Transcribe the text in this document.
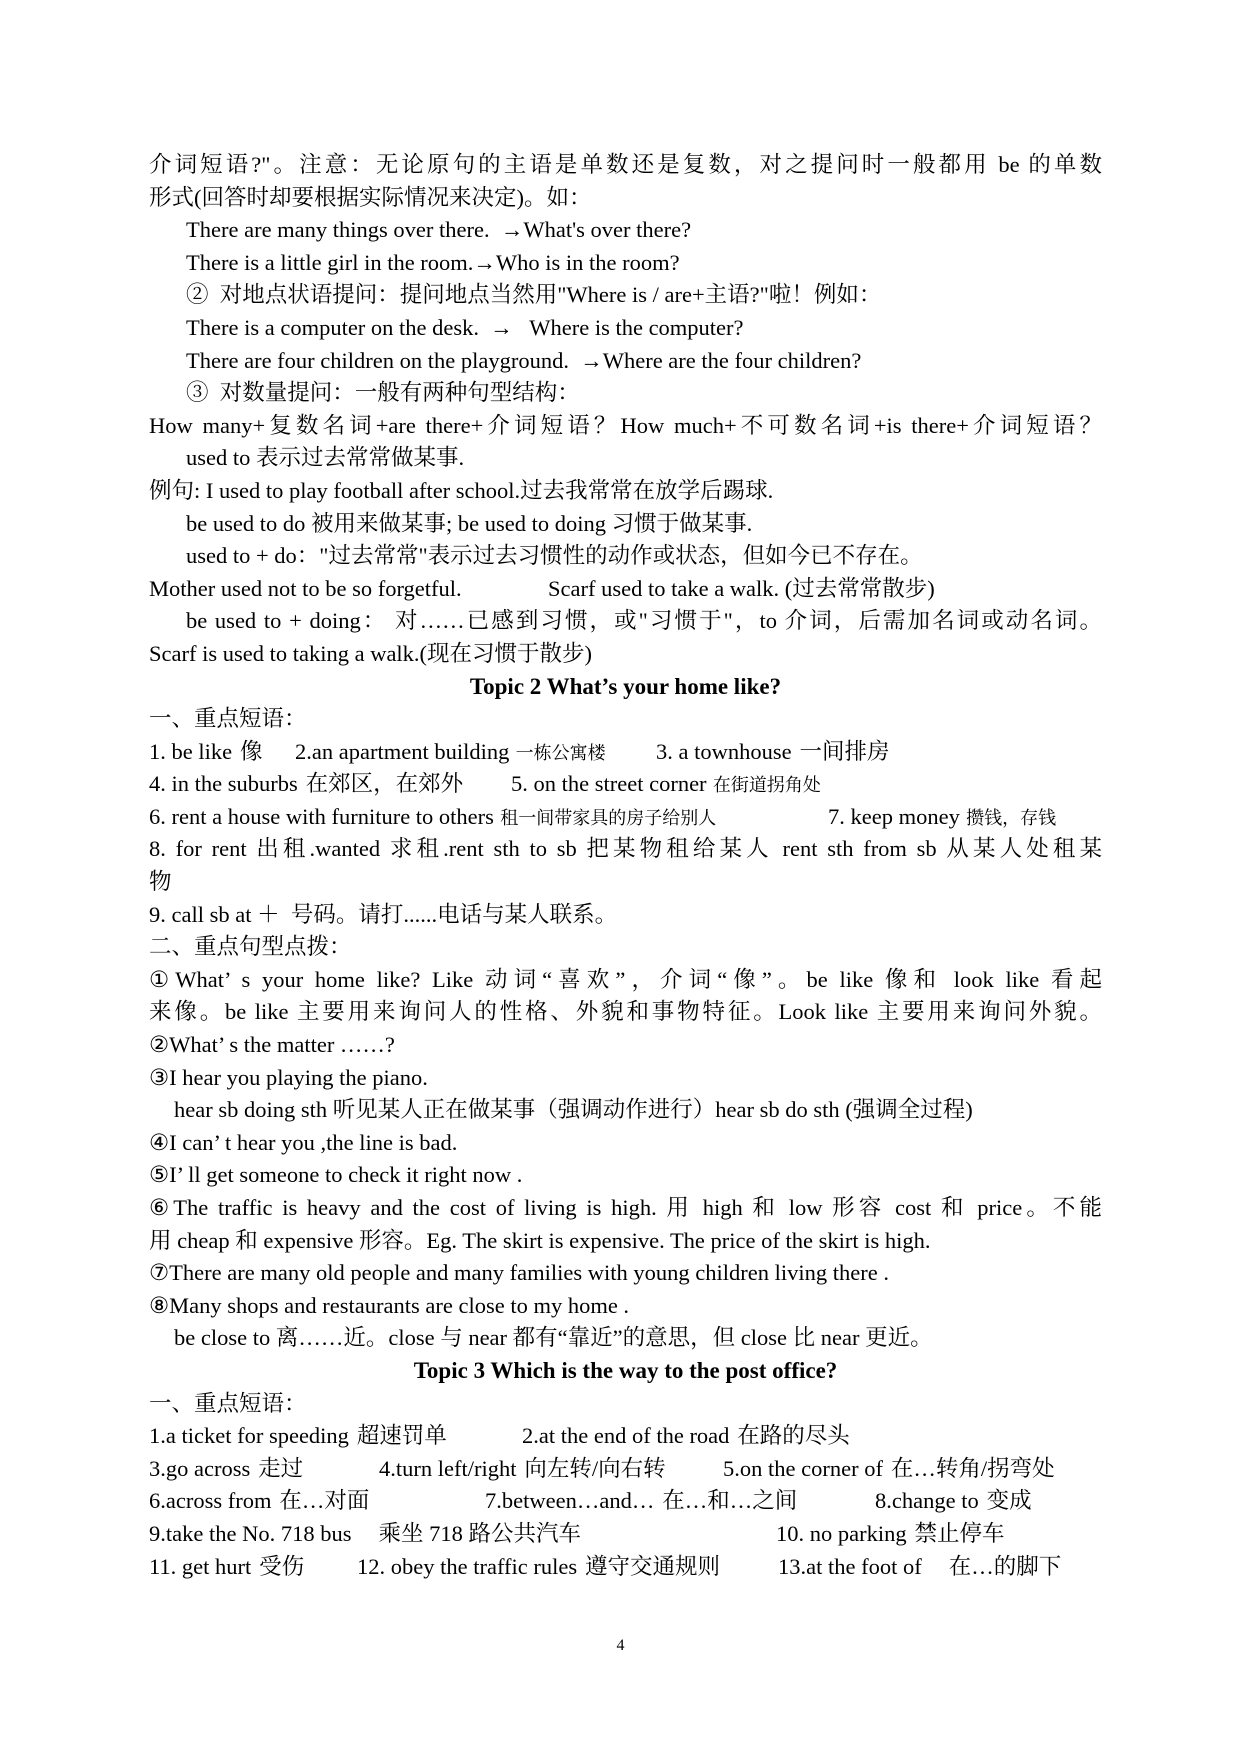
介词短语?"。注意：无论原句的主语是单数还是复数，对之提问时一般都用 be 的单数
形式(回答时却要根据实际情况来决定)。如：
There are many things over there.  →What's over there?
There is a little girl in the room.→Who is in the room?
②  对地点状语提问：提问地点当然用"Where is / are+主语?"啦！例如：
There is a computer on the desk.  →   Where is the computer?
There are four children on the playground.  →Where are the four children?
③  对数量提问：一般有两种句型结构：
How many+复数名词+are there+介词短语？How much+不可数名词+is there+介词短语？
used to 表示过去常常做某事.
例句: I used to play football after school.过去我常常在放学后踢球.
be used to do 被用来做某事; be used to doing 习惯于做某事.
used to + do："过去常常"表示过去习惯性的动作或状态，但如今已不存在。

Mother used not to be so forgetful.

	Scarf used to take a walk. (过去常常散步)

be used to + doing： 对……已感到习惯，或"习惯于"，to 介词，后需加名词或动名词。
Scarf is used to taking a walk.(现在习惯于散步)
Topic 2 What’s your home like?
一、重点短语：

1. be like 像

2.an apartment building 一栋公寓楼

3. a townhouse 一间排房

4. in the suburbs 在郊区，在郊外

5. on the street corner 在街道拐角处

6. rent a house with furniture to others 租一间带家具的房子给别人

	7. keep money 攒钱，存钱

8. for rent 出租.wanted 求租.rent sth to sb 把某物租给某人 rent sth from sb 从某人处租某
物
9. call sb at ＋  号码。请打......电话与某人联系。
二、重点句型点拨：
①What’ s your home like? Like 动词“喜欢”，介词“像”。be like 像和 look like 看起
来像。be like 主要用来询问人的性格、外貌和事物特征。Look like 主要用来询问外貌。
②What’ s the matter ……?
③I hear you playing the piano.
hear sb doing sth 听见某人正在做某事（强调动作进行）hear sb do sth (强调全过程)
④I can’ t hear you ,the line is bad.
⑤I’ ll get someone to check it right now .
⑥The traffic is heavy and the cost of living is high. 用 high 和 low 形容 cost 和 price。不能
用 cheap 和 expensive 形容。Eg. The skirt is expensive. The price of the skirt is high.
⑦There are many old people and many families with young children living there .
⑧Many shops and restaurants are close to my home .
be close to 离……近。close 与 near 都有“靠近”的意思，但 close 比 near 更近。
Topic 3 Which is the way to the post office?
一、重点短语：

1.a ticket for speeding 超速罚单

	2.at the end of the road 在路的尽头

3.go across 走过

	4.turn left/right 向左转/向右转

	5.on the corner of 在…转角/拐弯处

6.across from 在…对面

	7.between…and… 在…和…之间

	8.change to 变成

9.take the No. 718 bus 乘坐 718 路公共汽车

	10. no parking 禁止停车

11. get hurt 受伤

12. obey the traffic rules 遵守交通规则

	13.at the foot of 在…的脚下

4
